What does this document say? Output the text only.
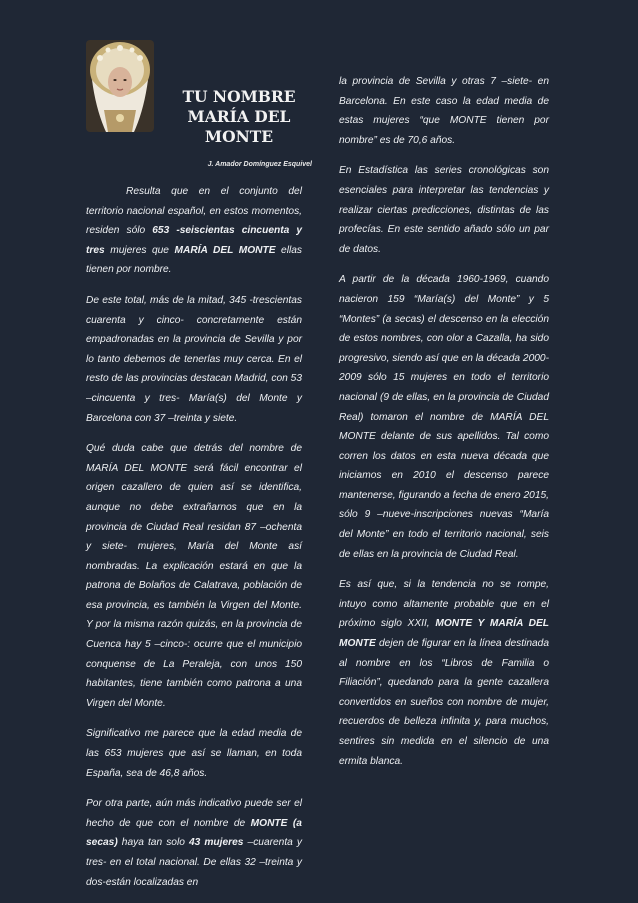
TU NOMBRE
MARÍA DEL
MONTE
J. Amador Domínguez Esquivel

Resulta que en el conjunto del territorio nacional español, en estos momentos, residen sólo 653 -seiscientas cincuenta y tres mujeres que MARÍA DEL MONTE ellas tienen por nombre.

De este total, más de la mitad, 345 -trescientas cuarenta y cinco- concretamente están empadronadas en la provincia de Sevilla y por lo tanto debemos de tenerlas muy cerca. En el resto de las provincias destacan Madrid, con 53 –cincuenta y tres- María(s) del Monte y Barcelona con 37 –treinta y siete.

Qué duda cabe que detrás del nombre de MARÍA DEL MONTE será fácil encontrar el origen cazallero de quien así se identifica, aunque no debe extrañarnos que en la provincia de Ciudad Real residan 87 –ochenta y siete- mujeres, María del Monte así nombradas. La explicación estará en que la patrona de Bolaños de Calatrava, población de esa provincia, es también la Virgen del Monte. Y por la misma razón quizás, en la provincia de Cuenca hay 5 –cinco-: ocurre que el municipio conquense de La Peraleja, con unos 150 habitantes, tiene también como patrona a una Virgen del Monte.

Significativo me parece que la edad media de las 653 mujeres que así se llaman, en toda España, sea de 46,8 años.

Por otra parte, aún más indicativo puede ser el hecho de que con el nombre de MONTE (a secas) haya tan solo 43 mujeres –cuarenta y tres- en el total nacional. De ellas 32 –treinta y dos-están localizadas en

la provincia de Sevilla y otras 7 –siete- en Barcelona. En este caso la edad media de estas mujeres “que MONTE tienen por nombre” es de 70,6 años.

En Estadística las series cronológicas son esenciales para interpretar las tendencias y realizar ciertas predicciones, distintas de las profecías. En este sentido añado sólo un par de datos.

A partir de la década 1960-1969, cuando nacieron 159 “María(s) del Monte” y 5 “Montes” (a secas) el descenso en la elección de estos nombres, con olor a Cazalla, ha sido progresivo, siendo así que en la década 2000-2009 sólo 15 mujeres en todo el territorio nacional (9 de ellas, en la provincia de Ciudad Real) tomaron el nombre de MARÍA DEL MONTE delante de sus apellidos. Tal como corren los datos en esta nueva década que iniciamos en 2010 el descenso parece mantenerse, figurando a fecha de enero 2015, sólo 9 –nueve-inscripciones nuevas “María del Monte” en todo el territorio nacional, seis de ellas en la provincia de Ciudad Real.

Es así que, si la tendencia no se rompe, intuyo como altamente probable que en el próximo siglo XXII, MONTE Y MARÍA DEL MONTE dejen de figurar en la línea destinada al nombre en los “Libros de Familia o Filiación”, quedando para la gente cazallera convertidos en sueños con nombre de mujer, recuerdos de belleza infinita y, para muchos, sentires sin medida en el silencio de una ermita blanca.
